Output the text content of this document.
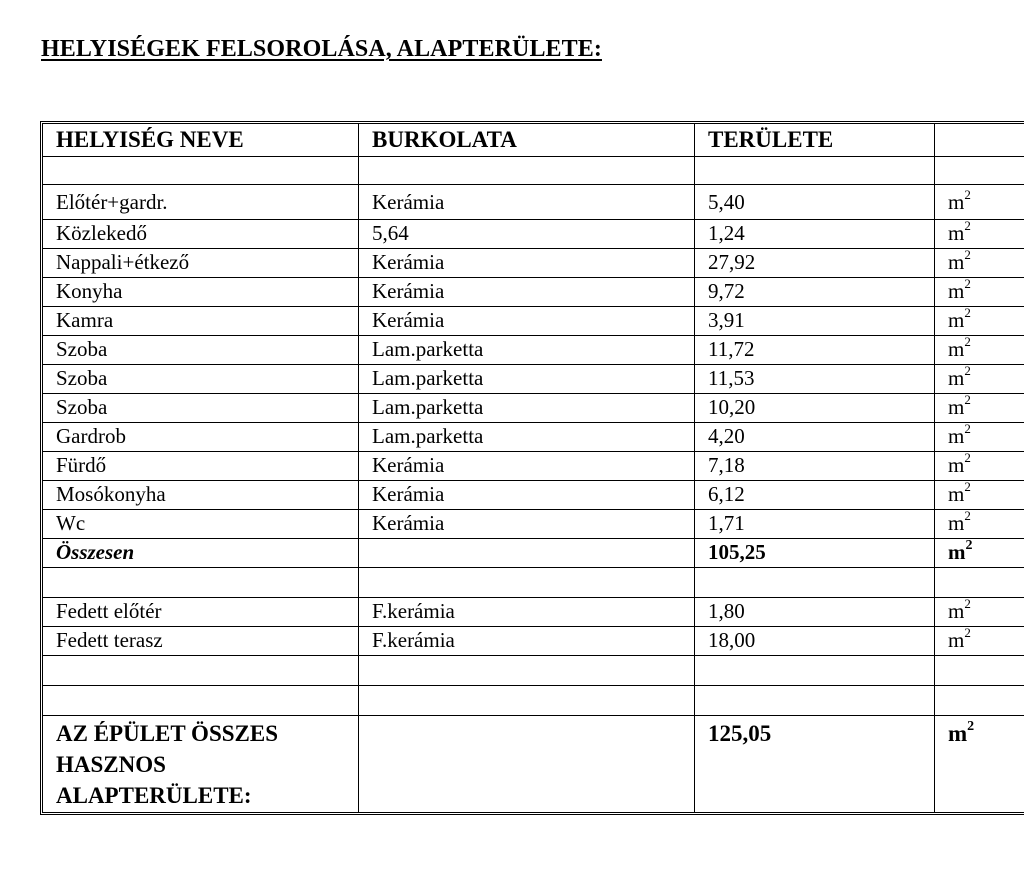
HELYISÉGEK FELSOROLÁSA, ALAPTERÜLETE:
HELYISÉG NEVE	BURKOLATA	TERÜLETE	

Előtér+gardr.	Kerámia	5,40	$m^2$
Közlekedő	5,64	1,24	$m^2$
Nappali+étkező	Kerámia	27,92	$m^2$
Konyha	Kerámia	9,72	$m^2$
Kamra	Kerámia	3,91	$m^2$
Szoba	Lam.parketta	11,72	$m^2$
Szoba	Lam.parketta	11,53	$m^2$
Szoba	Lam.parketta	10,20	$m^2$
Gardrob	Lam.parketta	4,20	$m^2$
Fürdő	Kerámia	7,18	$m^2$
Mosókonyha	Kerámia	6,12	$m^2$
Wc	Kerámia	1,71	$m^2$
Összesen		105,25	$m^2$

Fedett előtér	F.kerámia	1,80	$m^2$
Fedett terasz	F.kerámia	18,00	$m^2$

AZ ÉPÜLET ÖSSZES
HASZNOS
ALAPTERÜLETE:		125,05	$m^2$
